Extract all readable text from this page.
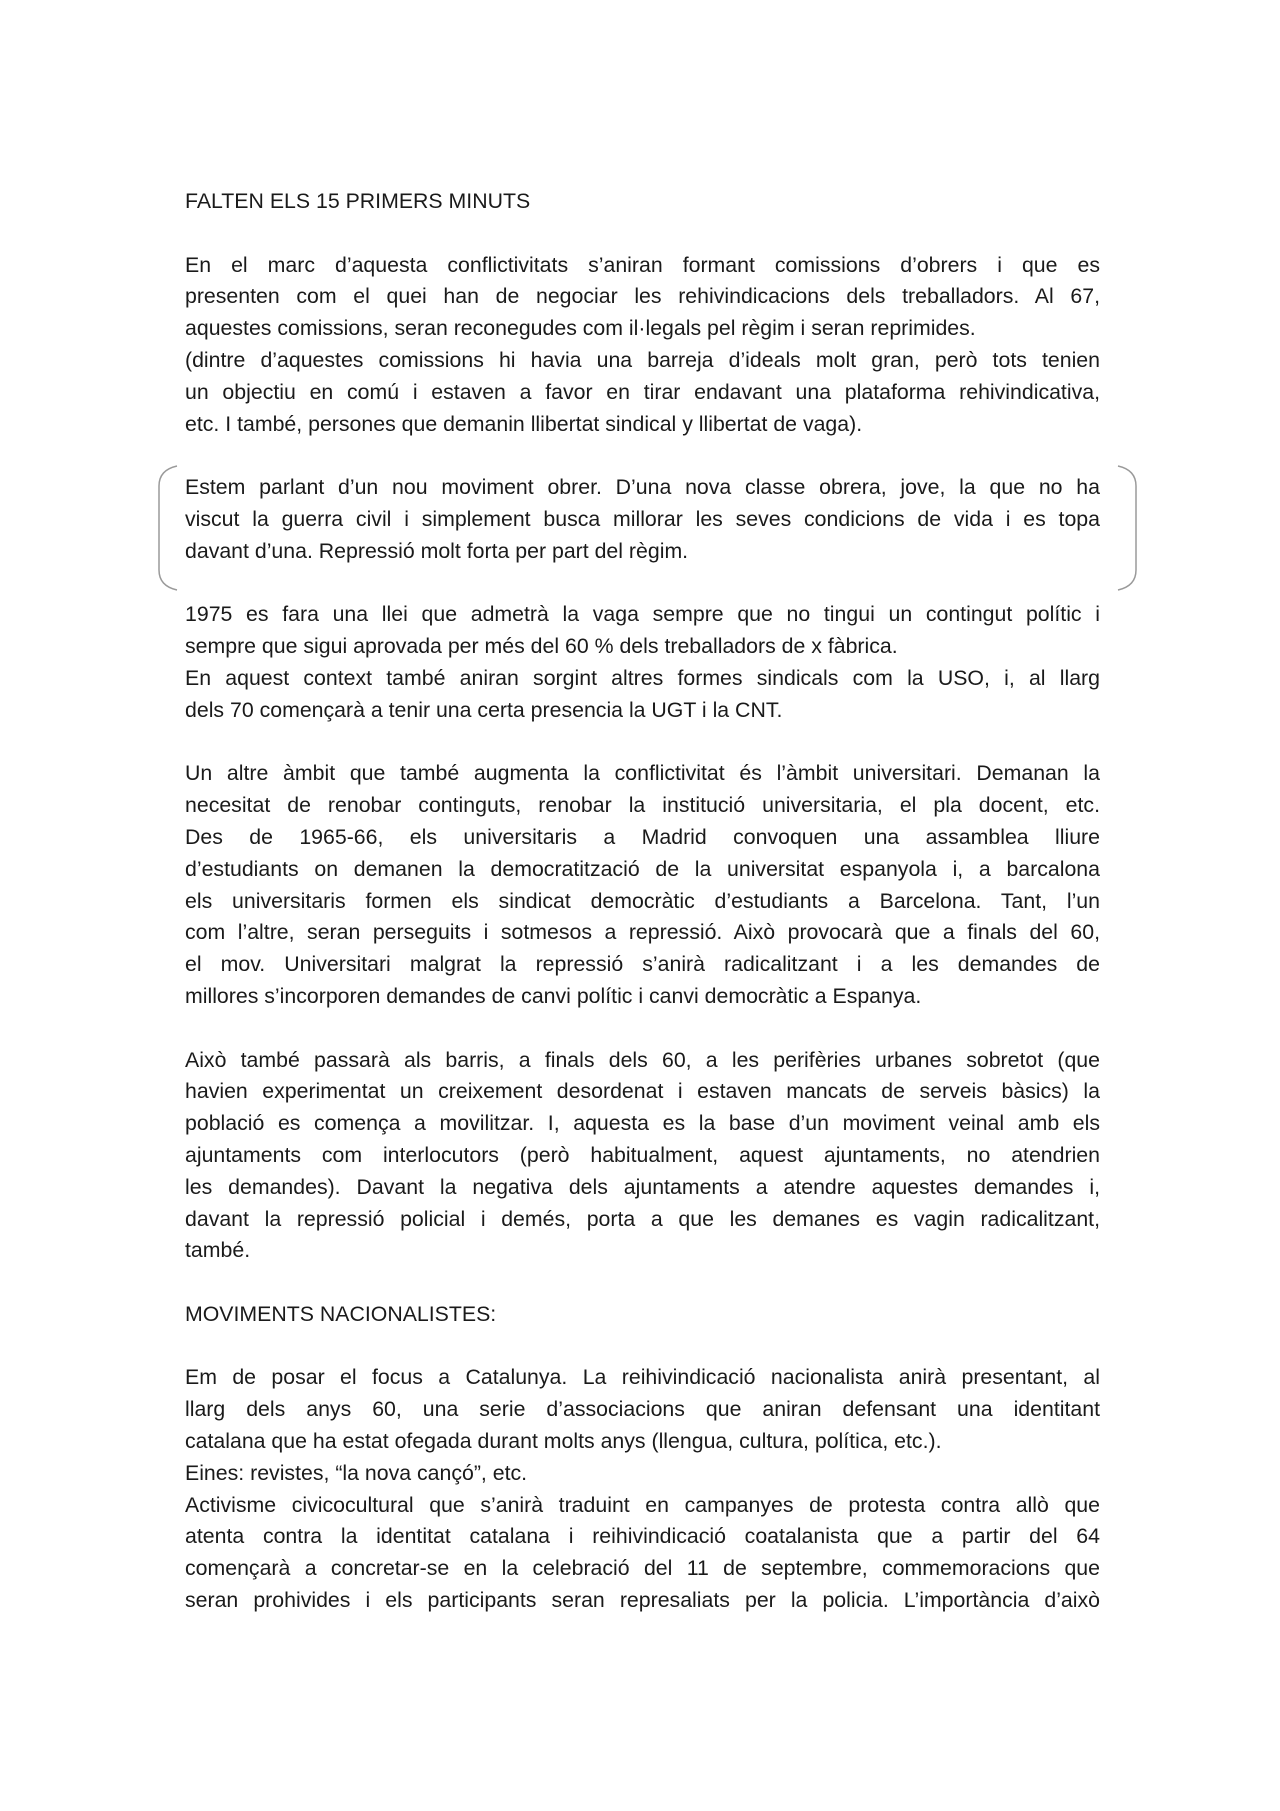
FALTEN ELS 15 PRIMERS MINUTS

En el marc d’aquesta conflictivitats s’aniran formant comissions d’obrers i que es
presenten com el quei han de negociar les rehivindicacions dels treballadors. Al 67,
aquestes comissions, seran reconegudes com il·legals pel règim i seran reprimides.
(dintre d’aquestes comissions hi havia una barreja d’ideals molt gran, però tots tenien
un objectiu en comú i estaven a favor en tirar endavant una plataforma rehivindicativa,
etc. I també, persones que demanin llibertat sindical y llibertat de vaga).
Estem parlant d’un nou moviment obrer. D’una nova classe obrera, jove, la que no ha
viscut la guerra civil i simplement busca millorar les seves condicions de vida i es topa
davant d’una. Repressió molt forta per part del règim.
1975 es fara una llei que admetrà la vaga sempre que no tingui un contingut polític i
sempre que sigui aprovada per més del 60 % dels treballadors de x fàbrica.
En aquest context també aniran sorgint altres formes sindicals com la USO, i, al llarg
dels 70 començarà a tenir una certa presencia la UGT i la CNT.
Un altre àmbit que també augmenta la conflictivitat és l’àmbit universitari. Demanan la
necesitat de renobar continguts, renobar la institució universitaria, el pla docent, etc.
Des de 1965-66, els universitaris a Madrid convoquen una assamblea lliure
d’estudiants on demanen la democratització de la universitat espanyola i, a barcalona
els universitaris formen els sindicat democràtic d’estudiants a Barcelona. Tant, l’un
com l’altre, seran perseguits i sotmesos a repressió. Això provocarà que a finals del 60,
el mov. Universitari malgrat la repressió s’anirà radicalitzant i a les demandes de
millores s’incorporen demandes de canvi polític i canvi democràtic a Espanya.
Això també passarà als barris, a finals dels 60, a les perifèries urbanes sobretot (que
havien experimentat un creixement desordenat i estaven mancats de serveis bàsics) la
població es comença a movilitzar. I, aquesta es la base d’un moviment veinal amb els
ajuntaments com interlocutors (però habitualment, aquest ajuntaments, no atendrien
les demandes). Davant la negativa dels ajuntaments a atendre aquestes demandes i,
davant la repressió policial i demés, porta a que les demanes es vagin radicalitzant,
també.

MOVIMENTS NACIONALISTES:

Em de posar el focus a Catalunya. La reihivindicació nacionalista anirà presentant, al
llarg dels anys 60, una serie d’associacions que aniran defensant una identitant
catalana que ha estat ofegada durant molts anys (llengua, cultura, política, etc.).
Eines: revistes, “la nova cançó”, etc.
Activisme civicocultural que s’anirà traduint en campanyes de protesta contra allò que
atenta contra la identitat catalana i reihivindicació coatalanista que a partir del 64
començarà a concretar-se en la celebració del 11 de septembre, commemoracions que
seran prohivides i els participants seran represaliats per la policia. L’importància d’això
